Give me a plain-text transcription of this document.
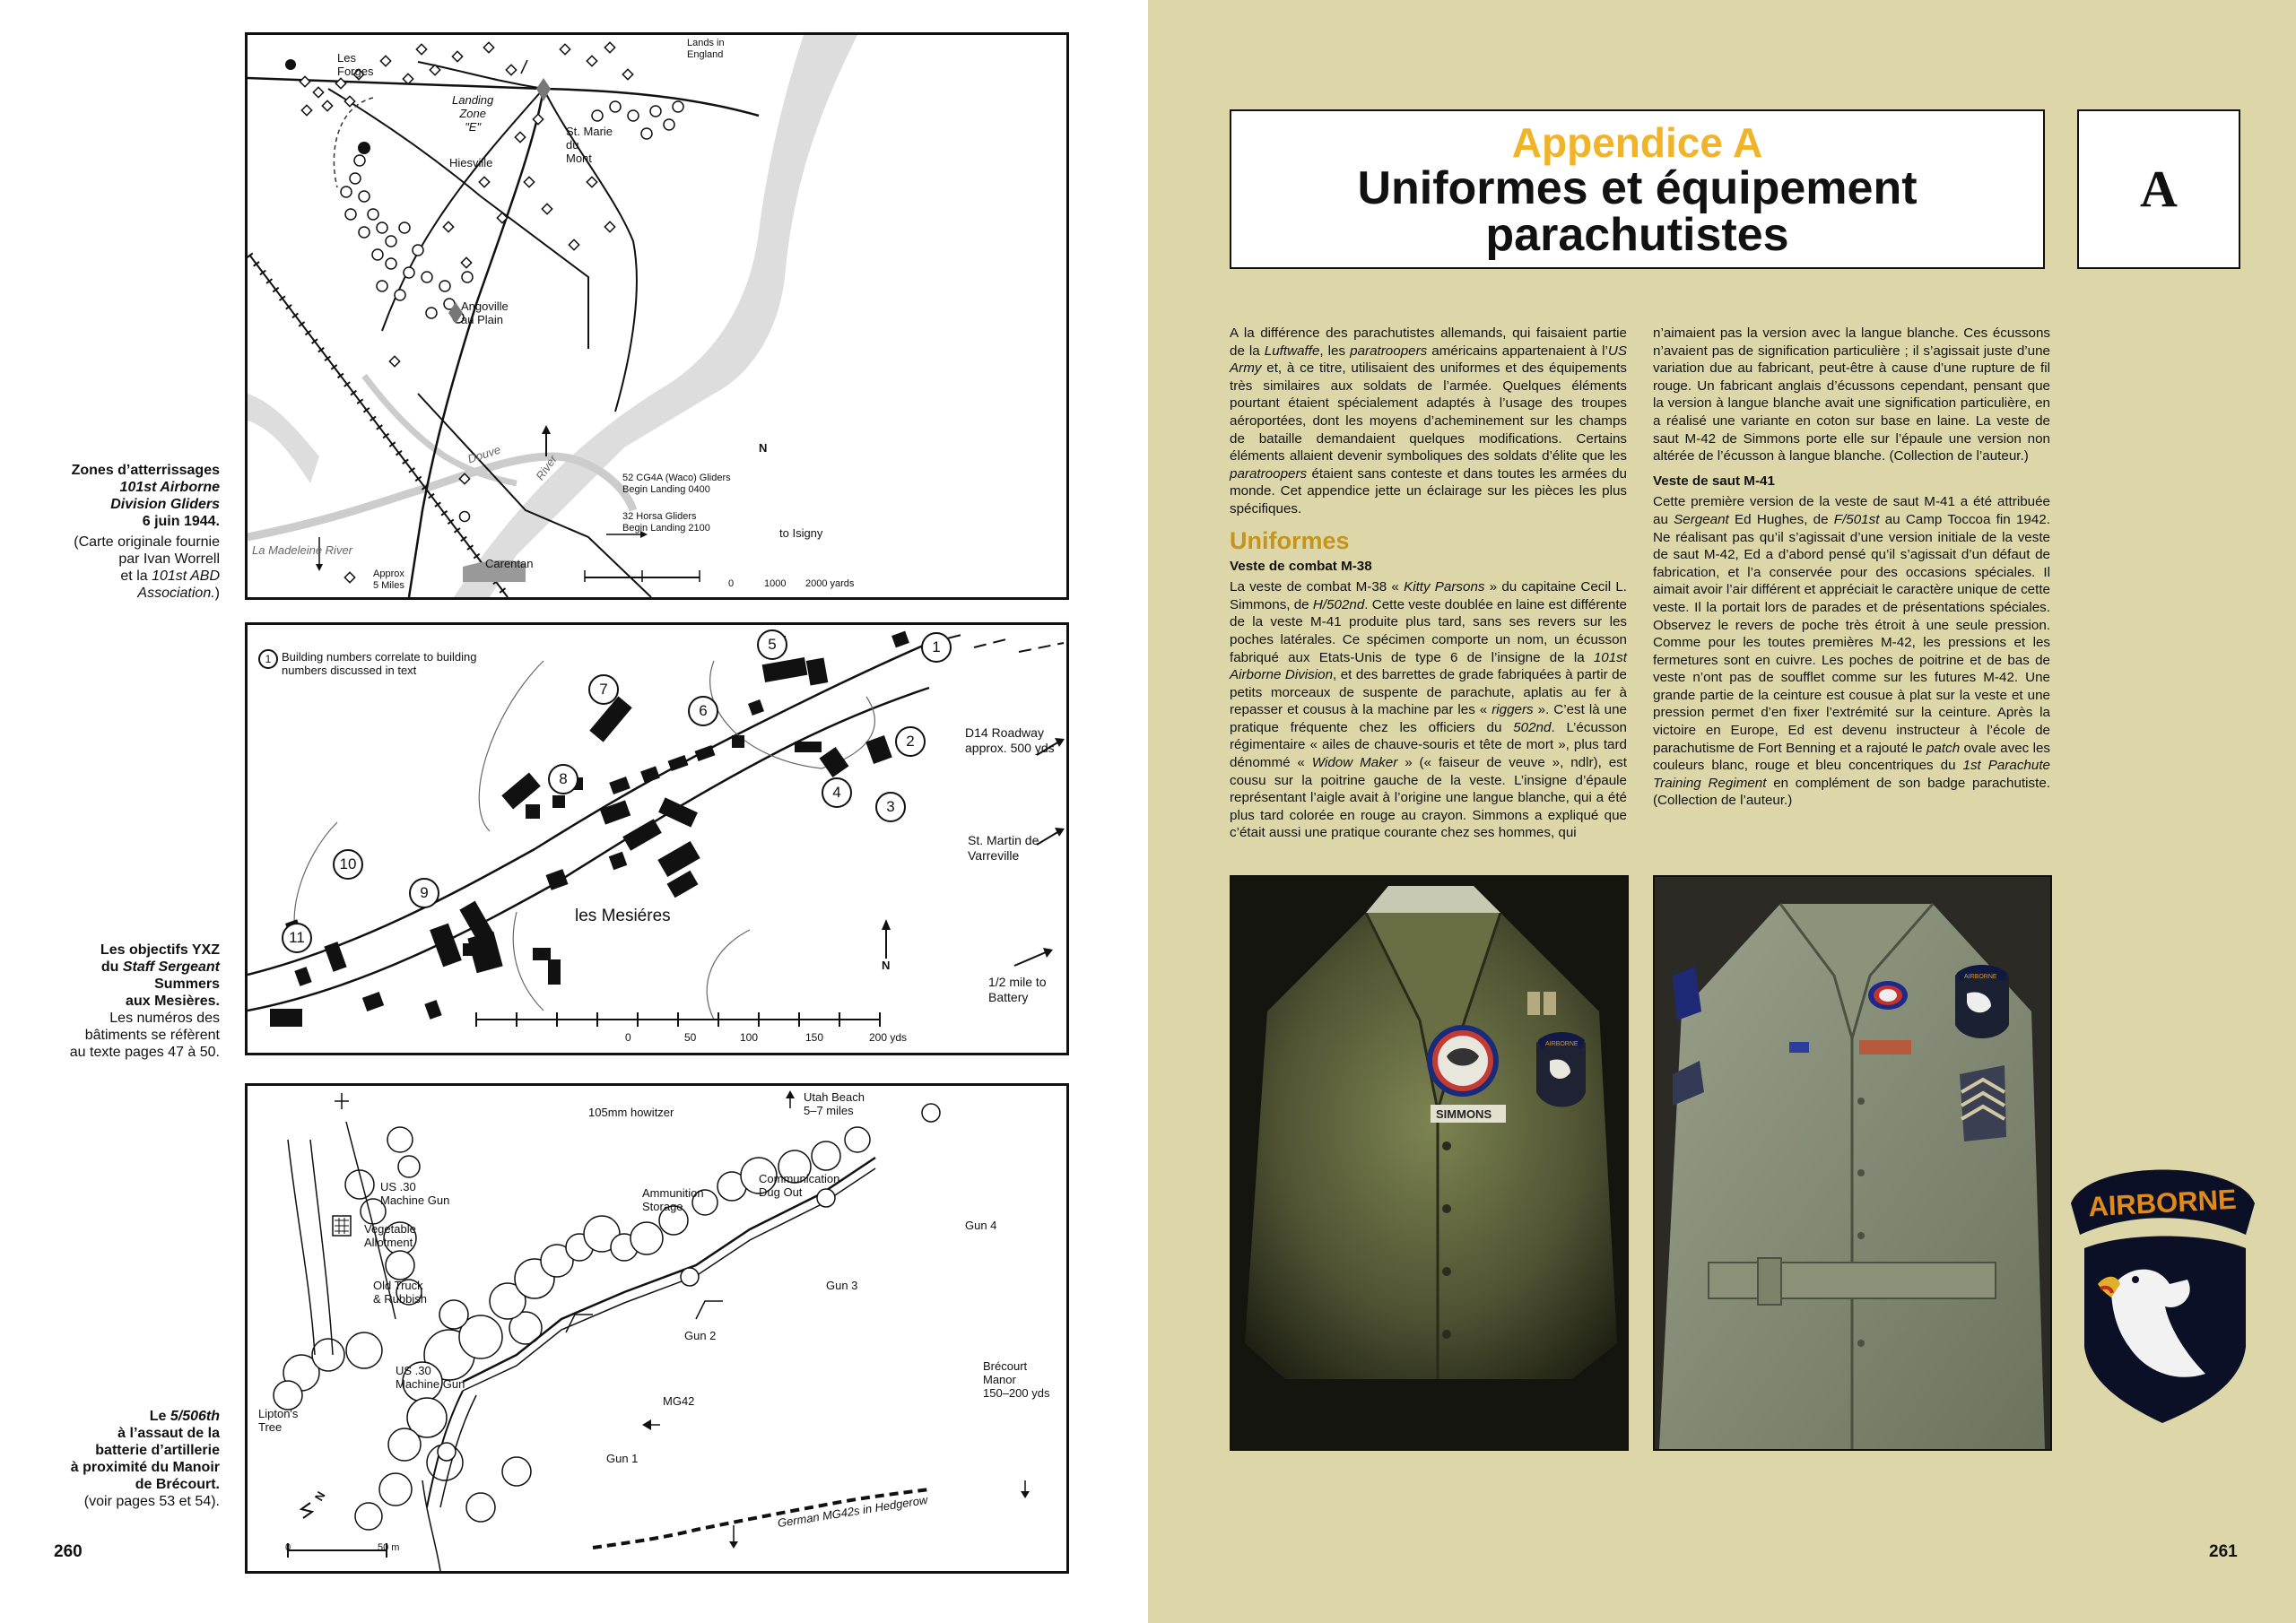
Les
Forges
Landing
Zone
"E"
Hiesville
St. Marie
du
Mont
Angoville
au Plain
Carentan
Lands in
England
Douve	River
La Madeleine River
to Isigny
Approx
5 Miles
N
52 CG4A (Waco) Gliders
Begin Landing 0400
32 Horsa Gliders
Begin Landing 2100
0	1000 2000 yards
1 Building numbers correlate to building
numbers discussed in text
1
2
3
4
5
6
7
8
9
10
11
D14 Roadway
approx. 500 yds
St. Martin de
Varreville
1/2 mile to
Battery
les Mesiéres
N
0	50	100	150	200 yds
105mm howitzer
Utah Beach
5–7 miles
US .30
Machine Gun
Vegetable
Allotment
Ammunition
Storage
Communication
Dug Out
Gun 4
Gun 3
Gun 2
Gun 1
Old Truck
& Rubbish
US .30
Machine Gun
MG42
Brécourt
Manor
150–200 yds
Lipton's
Tree
German MG42s in Hedgerow
N
0	50 m
Zones d’atterrissages
101st Airborne
Division Gliders
6 juin 1944.
(Carte originale fournie
par Ivan Worrell
et la 101st ABD
Association.)
Les objectifs YXZ
du Staff Sergeant
Summers
aux Mesières.
Les numéros des
bâtiments se réfèrent
au texte pages 47 à 50.
Le 5/506th
à l’assaut de la
batterie d’artillerie
à proximité du Manoir
de Brécourt.
(voir pages 53 et 54).
260
Appendice A
Uniformes et équipement
parachutistes
A

A la différence des parachutistes allemands, qui faisaient partie de la Luftwaffe, les paratroopers américains appartenaient à l’US Army et, à ce titre, utilisaient des uniformes et des équipements très similaires aux soldats de l’armée. Quelques éléments pourtant étaient spécialement adaptés à l’usage des troupes aéroportées, dont les moyens d’acheminement sur les champs de bataille demandaient quelques modifications. Certains éléments allaient devenir symboliques des soldats d’élite que les paratroopers étaient sans conteste et dans toutes les armées du monde. Cet appendice jette un éclairage sur les pièces les plus spécifiques.

Uniformes

Veste de combat M-38

La veste de combat M-38 « Kitty Parsons » du capitaine Cecil L. Simmons, de H/502nd. Cette veste doublée en laine est différente de la veste M-41 produite plus tard, sans ses revers sur les poches latérales. Ce spécimen comporte un nom, un écusson fabriqué aux Etats-Unis de type 6 de l’insigne de la 101st Airborne Division, et des barrettes de grade fabriquées à partir de petits morceaux de suspente de parachute, aplatis au fer à repasser et cousus à la machine par les « riggers ». C’est là une pratique fréquente chez les officiers du 502nd. L’écusson régimentaire « ailes de chauve-souris et tête de mort », plus tard dénommé « Widow Maker » (« faiseur de veuve », ndlr), est cousu sur la poitrine gauche de la veste. L’insigne d’épaule représentant l’aigle avait à l’origine une langue blanche, qui a été plus tard colorée en rouge au crayon. Simmons a expliqué que c’était aussi une pratique courante chez ses hommes, qui

n’aimaient pas la version avec la langue blanche. Ces écussons n’avaient pas de signification particulière ; il s’agissait juste d’une variation due au fabricant, peut-être à cause d’une rupture de fil rouge. Un fabricant anglais d’écussons cependant, pensant que la version à langue blanche avait une signification particulière, en a réalisé une variante en coton sur base en laine. La veste de saut M-42 de Simmons porte elle sur l’épaule une version non altérée de l’écusson à langue blanche. (Collection de l’auteur.)

Veste de saut M-41

Cette première version de la veste de saut M-41 a été attribuée au Sergeant Ed Hughes, de F/501st au Camp Toccoa fin 1942. Ne réalisant pas qu’il s’agissait d’une version initiale de la veste de saut M-42, Ed a d’abord pensé qu’il s’agissait d’un défaut de fabrication, et l’a conservée pour des occasions spéciales. Il aimait avoir l’air différent et appréciait le caractère unique de cette veste. Il la portait lors de parades et de présentations spéciales. Observez le revers de poche très étroit à une seule pression. Comme pour les toutes premières M-42, les pressions et les fermetures sont en cuivre. Les poches de poitrine et de bas de veste n’ont pas de soufflet comme sur les futures M-42. Une grande partie de la ceinture est cousue à plat sur la veste et une pression permet d’en fixer l’extrémité sur la ceinture. Après la victoire en Europe, Ed est devenu instructeur à l’école de parachutisme de Fort Benning et a rajouté le patch ovale avec les couleurs blanc, rouge et bleu concentriques du 1st Parachute Training Regiment en complément de son badge parachutiste. (Collection de l’auteur.)

SIMMONS
AIRBORNE
AIRBORNE
AIRBORNE
261
